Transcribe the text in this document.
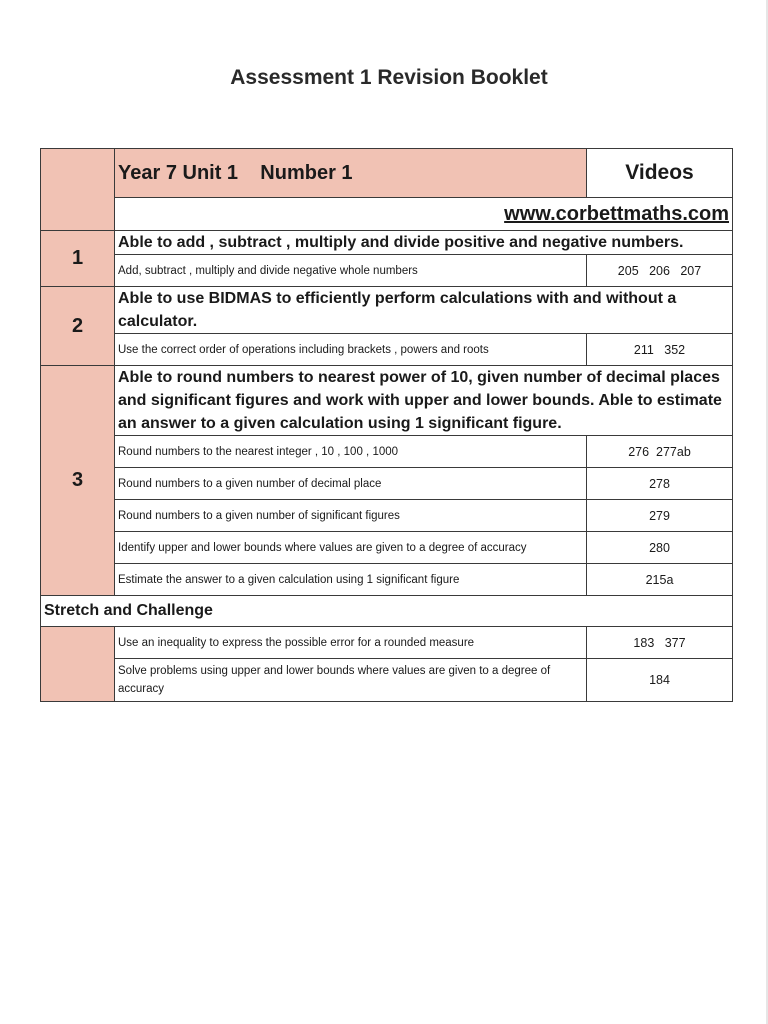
Assessment 1 Revision Booklet
	Year 7 Unit 1    Number 1	Videos
	www.corbettmaths.com	
1	Able to add , subtract , multiply and divide positive and negative numbers.	
	Add, subtract , multiply and divide negative whole numbers	205   206   207
2	Able to use BIDMAS to efficiently perform calculations with and without a calculator.	
	Use the correct order of operations including brackets , powers and roots	211   352
3	Able to round numbers to nearest power of 10, given number of decimal places and significant figures and work with upper and lower bounds. Able to estimate an answer to a given calculation using 1 significant figure.	
	Round numbers to the nearest integer , 10 , 100 , 1000	276  277ab
	Round numbers to a given number of decimal place	278
	Round numbers to a given number of significant figures	279
	Identify upper and lower bounds where values are given to a degree of accuracy	280
	Estimate the answer to a given calculation using 1 significant figure	215a
Stretch and Challenge		
	Use an inequality to express the possible error for a rounded measure	183   377
	Solve problems using upper and lower bounds where values are given to a degree of accuracy	184
